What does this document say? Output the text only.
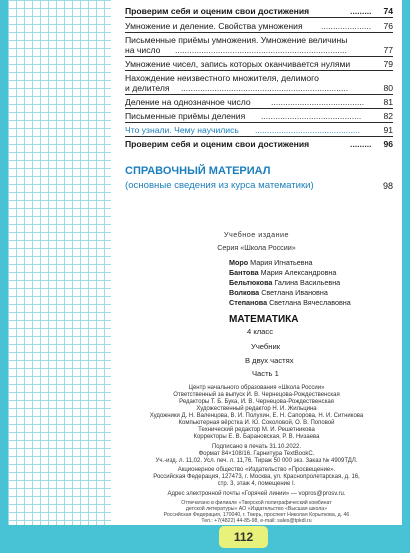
Проверим себя и оценим свои достижения	.........	74
Умножение и деление. Свойства умножения .....................	76
Письменные приёмы умножения. Умножение величины
на число ........................................................................	77
Умножение чисел, запись которых оканчивается нулями	79
Нахождение неизвестного множителя, делимого
и делителя ......................................................................	80
Деление на однозначное число .......................................	81
Письменные приёмы деления ..........................................	82
Что узнали. Чему научились ............................................	91
Проверим себя и оценим свои достижения	.........	96
СПРАВОЧНЫЙ МАТЕРИАЛ
(основные сведения из курса математики)	98
Учебное издание
Серия «Школа России»
Моро Мария Игнатьевна
Бантова Мария Александровна
Бельтюкова Галина Васильевна
Волкова Светлана Ивановна
Степанова Светлана Вячеславовна
МАТЕМАТИКА
4 класс
Учебник
В двух частях
Часть 1
Центр начального образования «Школа России»
Ответственный за выпуск И. В. Чернецова-Рождественская
Редакторы Т. Б. Бука, И. В. Чернецова-Рождественская
Художественный редактор Н. И. Жильцина
Художники Д. Н. Валенцова, В. И. Полухин, Е. Н. Сапорова, Н. И. Ситникова
Компьютерная вёрстка И. Ю. Соколовой, О. В. Поповой
Технический редактор М. И. Решетникова
Корректоры Е. В. Барановская, Р. В. Низаева
Подписано в печать 31.10.2022.
Формат 84×108/16. Гарнитура TextBookC.
Уч.-изд. л. 11,02. Усл. печ. л. 11,76. Тираж 50 000 экз. Заказ № 4909ТДЛ.
Акционерное общество «Издательство «Просвещение».
Российская Федерация, 127473, г. Москва, ул. Краснопролетарская, д. 16,
стр. 3, этаж 4, помещение I.
Адрес электронной почты «Горячей линии» — vopros@prosv.ru.
Отпечатано в филиале «Тверской полиграфический комбинат
детской литературы» АО «Издательство «Высшая школа»
Российская Федерация, 170040, г. Тверь, проспект Николая Корыткова, д. 46
Тел.: +7(4822) 44-85-98, e-mail: sales@tpkdl.ru
112
